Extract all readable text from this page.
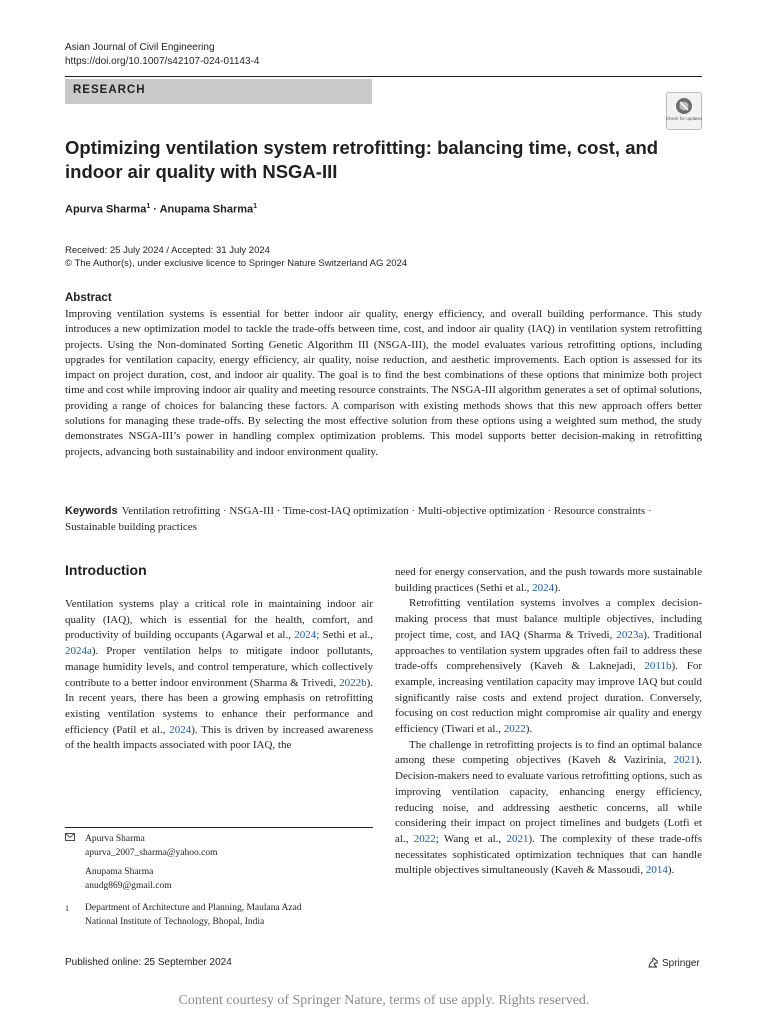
Asian Journal of Civil Engineering
https://doi.org/10.1007/s42107-024-01143-4
RESEARCH
Check for updates
Optimizing ventilation system retrofitting: balancing time, cost, and indoor air quality with NSGA-III
Apurva Sharma$^1$ · Anupama Sharma$^1$
Received: 25 July 2024 / Accepted: 31 July 2024
© The Author(s), under exclusive licence to Springer Nature Switzerland AG 2024
Abstract
Improving ventilation systems is essential for better indoor air quality, energy efficiency, and overall building performance. This study introduces a new optimization model to tackle the trade-offs between time, cost, and indoor air quality (IAQ) in ventilation system retrofitting projects. Using the Non-dominated Sorting Genetic Algorithm III (NSGA-III), the model evaluates various retrofitting options, including upgrades for ventilation capacity, energy efficiency, air quality, noise reduction, and aesthetic improvements. Each option is assessed for its impact on project duration, cost, and indoor air quality. The goal is to find the best combinations of these options that minimize both project time and cost while improving indoor air quality and meeting resource constraints. The NSGA-III algorithm generates a set of optimal solutions, providing a range of choices for balancing these factors. A comparison with existing methods shows that this new approach offers better solutions for managing these trade-offs. By selecting the most effective solution from these options using a weighted sum method, the study demonstrates NSGA-III’s power in handling complex optimization problems. This model supports better decision-making in retrofitting projects, advancing both sustainability and indoor environment quality.
Keywords Ventilation retrofitting · NSGA-III · Time-cost-IAQ optimization · Multi-objective optimization · Resource constraints · Sustainable building practices
Introduction

Ventilation systems play a critical role in maintaining indoor air quality (IAQ), which is essential for the health, comfort, and productivity of building occupants (Agarwal et al., 2024; Sethi et al., 2024a). Proper ventilation helps to mitigate indoor pollutants, manage humidity levels, and control temperature, which collectively contribute to a better indoor environment (Sharma & Trivedi, 2022b). In recent years, there has been a growing emphasis on retrofitting existing ventilation systems to enhance their performance and efficiency (Patil et al., 2024). This is driven by increased awareness of the health impacts associated with poor IAQ, the

need for energy conservation, and the push towards more sustainable building practices (Sethi et al., 2024).

Retrofitting ventilation systems involves a complex decision-making process that must balance multiple objectives, including project time, cost, and IAQ (Sharma & Trivedi, 2023a). Traditional approaches to ventilation system upgrades often fail to address these trade-offs comprehensively (Kaveh & Laknejadi, 2011b). For example, increasing ventilation capacity may improve IAQ but could significantly raise costs and extend project duration. Conversely, focusing on cost reduction might compromise air quality and energy efficiency (Tiwari et al., 2022).

The challenge in retrofitting projects is to find an optimal balance among these competing objectives (Kaveh & Vazirinia, 2021). Decision-makers need to evaluate various retrofitting options, such as improving ventilation capacity, enhancing energy efficiency, reducing noise, and addressing aesthetic concerns, all while considering their impact on project timelines and budgets (Lotfi et al., 2022; Wang et al., 2021). The complexity of these trade-offs necessitates sophisticated optimization techniques that can handle multiple objectives simultaneously (Kaveh & Massoudi, 2014).

Apurva Sharma
apurva_2007_sharma@yahoo.com
Anupama Sharma
anudg869@gmail.com
1	Department of Architecture and Planning, Maulana Azad
National Institute of Technology, Bhopal, India
Published online: 25 September 2024	Springer
Content courtesy of Springer Nature, terms of use apply. Rights reserved.
